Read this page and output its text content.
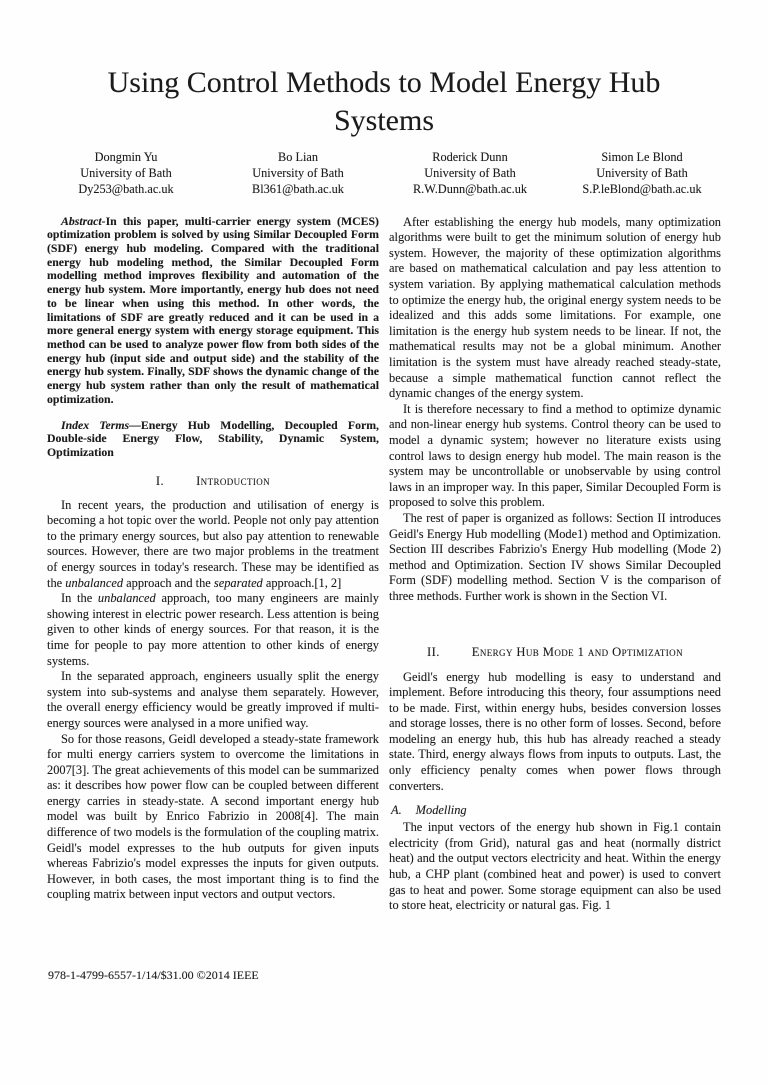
Using Control Methods to Model Energy Hub Systems
Dongmin Yu
University of Bath
Dy253@bath.ac.uk
Bo Lian
University of Bath
Bl361@bath.ac.uk
Roderick Dunn
University of Bath
R.W.Dunn@bath.ac.uk
Simon Le Blond
University of Bath
S.P.leBlond@bath.ac.uk

Abstract-In this paper, multi-carrier energy system (MCES) optimization problem is solved by using Similar Decoupled Form (SDF) energy hub modeling. Compared with the traditional energy hub modeling method, the Similar Decoupled Form modelling method improves flexibility and automation of the energy hub system. More importantly, energy hub does not need to be linear when using this method. In other words, the limitations of SDF are greatly reduced and it can be used in a more general energy system with energy storage equipment. This method can be used to analyze power flow from both sides of the energy hub (input side and output side) and the stability of the energy hub system. Finally, SDF shows the dynamic change of the energy hub system rather than only the result of mathematical optimization.

Index Terms—Energy Hub Modelling, Decoupled Form, Double-side Energy Flow, Stability, Dynamic System, Optimization

I.	Introduction

In recent years, the production and utilisation of energy is becoming a hot topic over the world. People not only pay attention to the primary energy sources, but also pay attention to renewable sources. However, there are two major problems in the treatment of energy sources in today's research. These may be identified as the unbalanced approach and the separated approach.[1, 2]

In the unbalanced approach, too many engineers are mainly showing interest in electric power research. Less attention is being given to other kinds of energy sources. For that reason, it is the time for people to pay more attention to other kinds of energy systems.

In the separated approach, engineers usually split the energy system into sub-systems and analyse them separately. However, the overall energy efficiency would be greatly improved if multi-energy sources were analysed in a more unified way.

So for those reasons, Geidl developed a steady-state framework for multi energy carriers system to overcome the limitations in 2007[3]. The great achievements of this model can be summarized as: it describes how power flow can be coupled between different energy carries in steady-state. A second important energy hub model was built by Enrico Fabrizio in 2008[4]. The main difference of two models is the formulation of the coupling matrix. Geidl's model expresses to the hub outputs for given inputs whereas Fabrizio's model expresses the inputs for given outputs. However, in both cases, the most important thing is to find the coupling matrix between input vectors and output vectors.

After establishing the energy hub models, many optimization algorithms were built to get the minimum solution of energy hub system. However, the majority of these optimization algorithms are based on mathematical calculation and pay less attention to system variation. By applying mathematical calculation methods to optimize the energy hub, the original energy system needs to be idealized and this adds some limitations. For example, one limitation is the energy hub system needs to be linear. If not, the mathematical results may not be a global minimum. Another limitation is the system must have already reached steady-state, because a simple mathematical function cannot reflect the dynamic changes of the energy system.

It is therefore necessary to find a method to optimize dynamic and non-linear energy hub systems. Control theory can be used to model a dynamic system; however no literature exists using control laws to design energy hub model. The main reason is the system may be uncontrollable or unobservable by using control laws in an improper way. In this paper, Similar Decoupled Form is proposed to solve this problem.

The rest of paper is organized as follows: Section II introduces Geidl's Energy Hub modelling (Mode1) method and Optimization. Section III describes Fabrizio's Energy Hub modelling (Mode 2) method and Optimization. Section IV shows Similar Decoupled Form (SDF) modelling method. Section V is the comparison of three methods. Further work is shown in the Section VI.

II.	Energy Hub Mode 1 and Optimization

Geidl's energy hub modelling is easy to understand and implement. Before introducing this theory, four assumptions need to be made. First, within energy hubs, besides conversion losses and storage losses, there is no other form of losses. Second, before modeling an energy hub, this hub has already reached a steady state. Third, energy always flows from inputs to outputs. Last, the only efficiency penalty comes when power flows through converters.

A. Modelling

The input vectors of the energy hub shown in Fig.1 contain electricity (from Grid), natural gas and heat (normally district heat) and the output vectors electricity and heat. Within the energy hub, a CHP plant (combined heat and power) is used to convert gas to heat and power. Some storage equipment can also be used to store heat, electricity or natural gas. Fig. 1

978-1-4799-6557-1/14/$31.00 ©2014 IEEE
